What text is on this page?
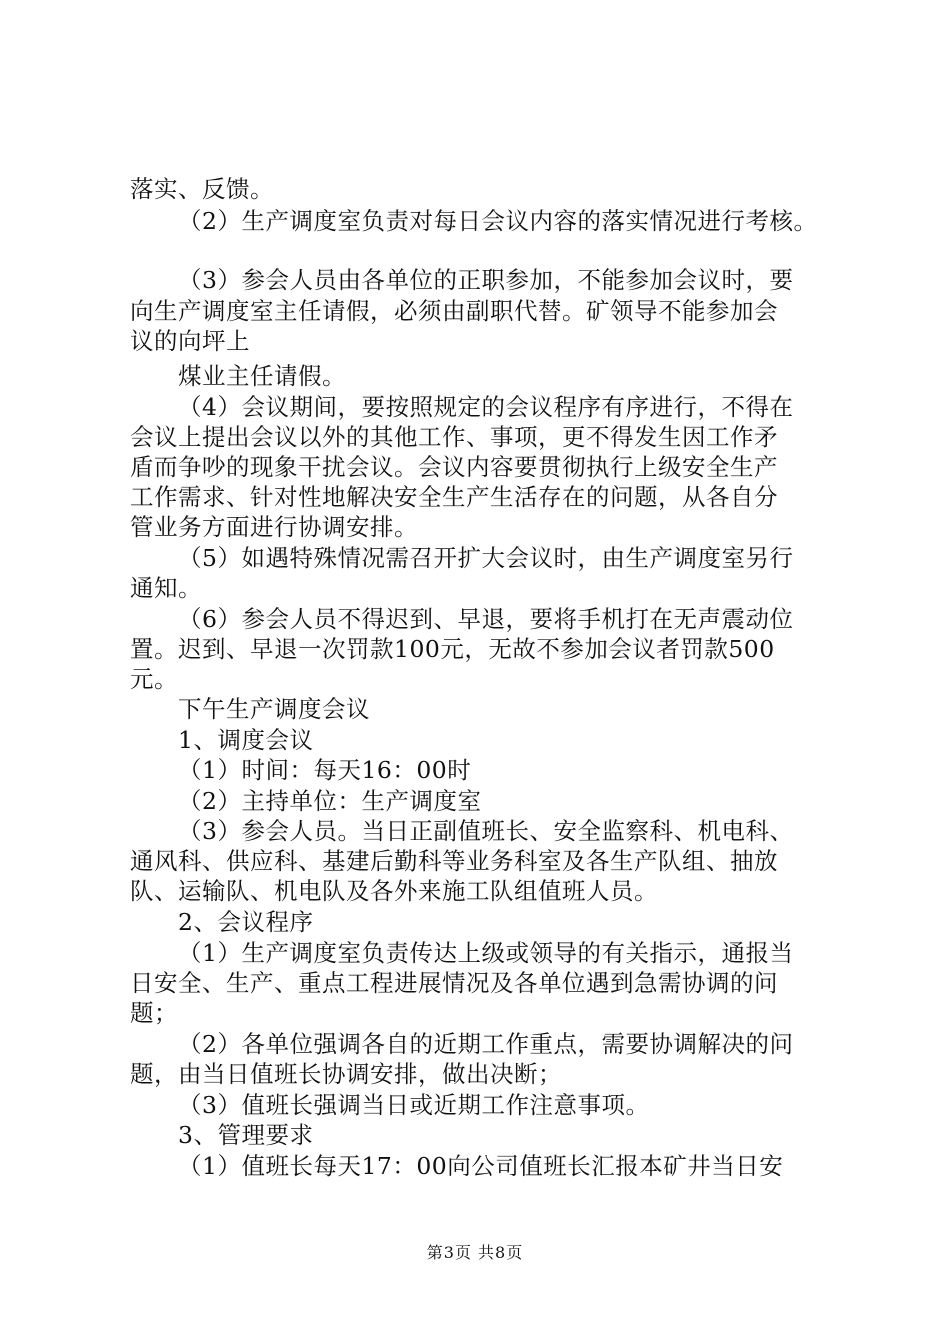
落实、反馈。
（2）生产调度室负责对每日会议内容的落实情况进行考核。
（3）参会人员由各单位的正职参加，不能参加会议时，要
向生产调度室主任请假，必须由副职代替。矿领导不能参加会
议的向坪上
煤业主任请假。
（4）会议期间，要按照规定的会议程序有序进行，不得在
会议上提出会议以外的其他工作、事项，更不得发生因工作矛
盾而争吵的现象干扰会议。会议内容要贯彻执行上级安全生产
工作需求、针对性地解决安全生产生活存在的问题，从各自分
管业务方面进行协调安排。
（5）如遇特殊情况需召开扩大会议时，由生产调度室另行
通知。
（6）参会人员不得迟到、早退，要将手机打在无声震动位
置。迟到、早退一次罚款100元，无故不参加会议者罚款500
元。
下午生产调度会议
1、调度会议
（1）时间：每天16：00时
（2）主持单位：生产调度室
（3）参会人员。当日正副值班长、安全监察科、机电科、
通风科、供应科、基建后勤科等业务科室及各生产队组、抽放
队、运输队、机电队及各外来施工队组值班人员。
2、会议程序
（1）生产调度室负责传达上级或领导的有关指示，通报当
日安全、生产、重点工程进展情况及各单位遇到急需协调的问
题；
（2）各单位强调各自的近期工作重点，需要协调解决的问
题，由当日值班长协调安排，做出决断；
（3）值班长强调当日或近期工作注意事项。
3、管理要求
（1）值班长每天17：00向公司值班长汇报本矿井当日安
第3页 共8页
